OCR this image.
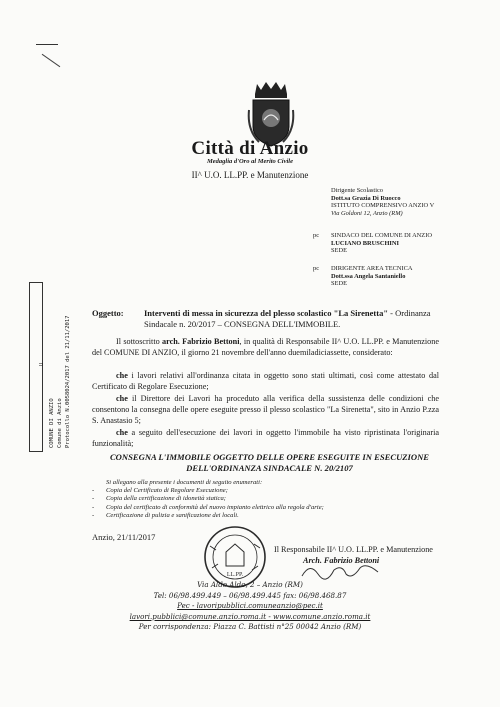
Città di Anzio
Medaglia d'Oro al Merito Civile
II^ U.O. LL.PP. e Manutenzione
Dirigente Scolastico
Dott.sa Grazia Di Ruocco
ISTITUTO COMPRENSIVO ANZIO V
Via Goldoni 12, Anzio (RM)
pc SINDACO DEL COMUNE DI ANZIO
LUCIANO BRUSCHINI
SEDE
pc DIRIGENTE AREA TECNICA
Dott.ssa Angela Santaniello
SEDE
U
COMUNE DI ANZIO Comune di Anzio Protocollo N.0058024/2017 del 21/11/2017
Oggetto: Interventi di messa in sicurezza del plesso scolastico "La Sirenetta" - Ordinanza Sindacale n. 20/2017 – CONSEGNA DELL'IMMOBILE.
Il sottoscritto arch. Fabrizio Bettoni, in qualità di Responsabile II^ U.O. LL.PP. e Manutenzione del COMUNE DI ANZIO, il giorno 21 novembre dell'anno duemiladiciassette, considerato:
che i lavori relativi all'ordinanza citata in oggetto sono stati ultimati, così come attestato dal Certificato di Regolare Esecuzione;
che il Direttore dei Lavori ha proceduto alla verifica della sussistenza delle condizioni che consentono la consegna delle opere eseguite presso il plesso scolastico "La Sirenetta", sito in Anzio P.zza S. Anastasio 5;
che a seguito dell'esecuzione dei lavori in oggetto l'immobile ha visto ripristinata l'originaria funzionalità;
CONSEGNA L'IMMOBILE OGGETTO DELLE OPERE ESEGUITE IN ESECUZIONE
DELL'ORDINANZA SINDACALE N. 20/2107
Si allegano alla presente i documenti di seguito enumerati:
-	Copia del Certificato di Regolare Esecuzione;
-	Copia della certificazione di idoneità statica;
-	Copia del certificato di conformità del nuovo impianto elettrico alla regola d'arte;
-	Certificazione di pulizia e sanificazione dei locali.
Anzio, 21/11/2017
LL.PP.
Il Responsabile II^ U.O. LL.PP. e Manutenzione
Arch. Fabrizio Bettoni
Via Aldo Aldo, 2 – Anzio (RM)
Tel: 06/98.499.449 – 06/98.499.445 fax: 06/98.468.87
Pec - lavoripubblici.comuneanzio@pec.it
lavori.pubblici@comune.anzio.roma.it - www.comune.anzio.roma.it
Per corrispondenza: Piazza C. Battisti n°25 00042 Anzio (RM)
